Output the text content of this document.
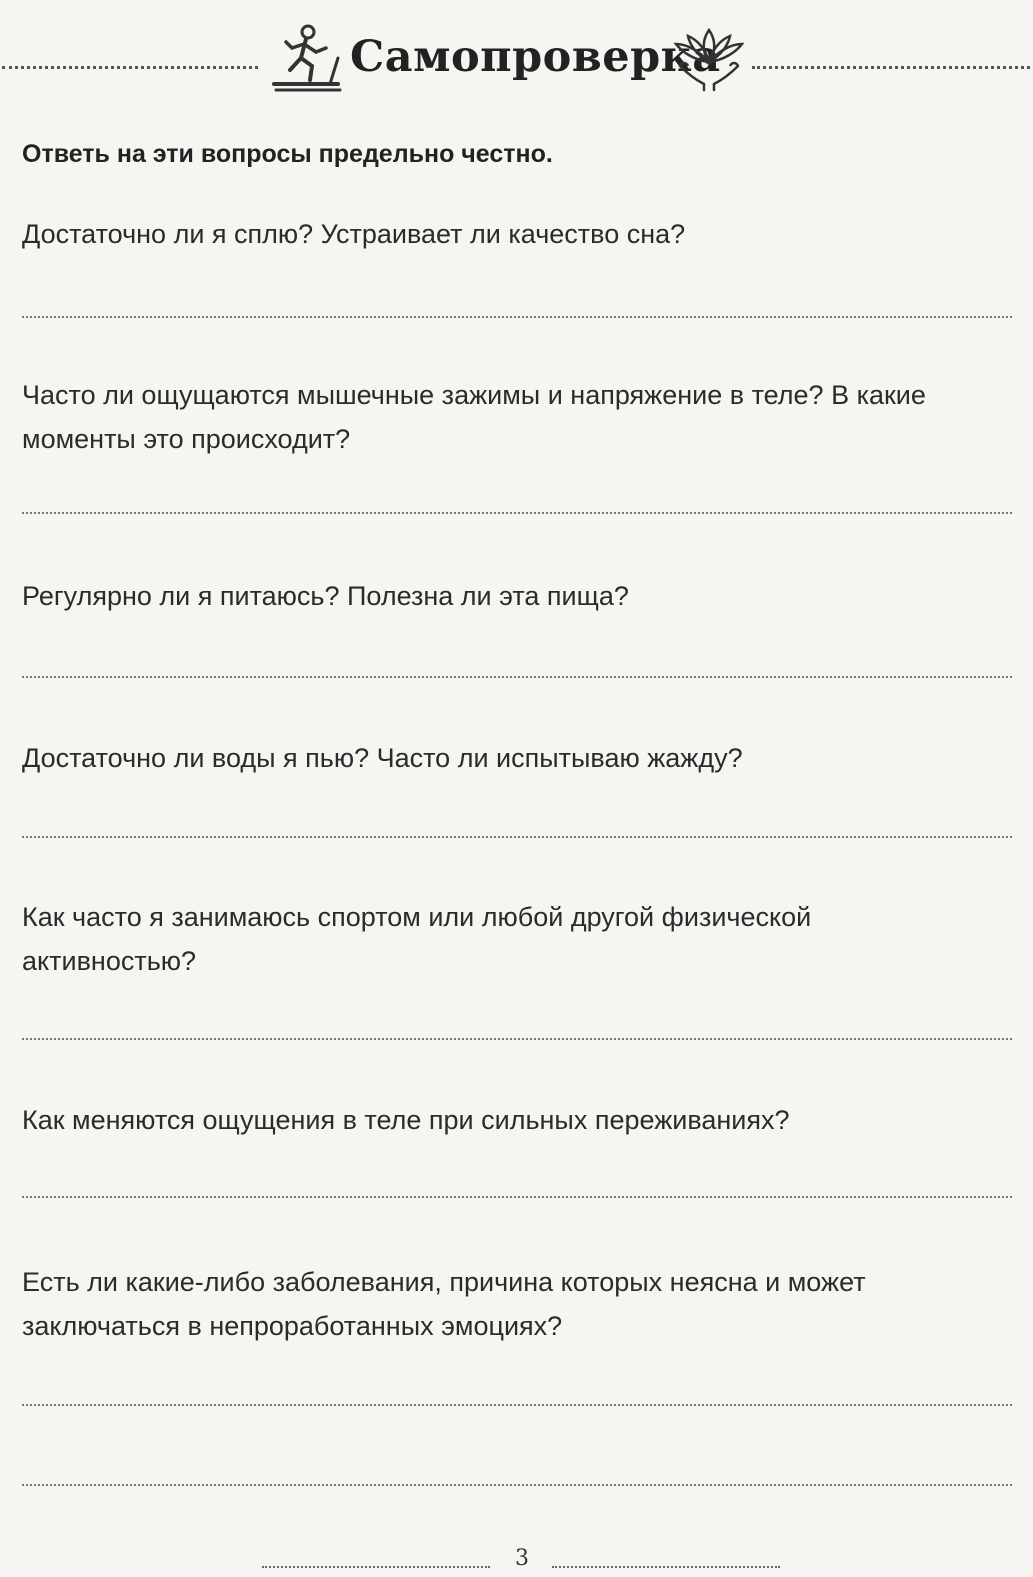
Самопроверка
Ответь на эти вопросы предельно честно.
Достаточно ли я сплю? Устраивает ли качество сна?
Часто ли ощущаются мышечные зажимы и напряжение в теле? В какие моменты это происходит?
Регулярно ли я питаюсь? Полезна ли эта пища?
Достаточно ли воды я пью? Часто ли испытываю жажду?
Как часто я занимаюсь спортом или любой другой физической активностью?
Как меняются ощущения в теле при сильных переживаниях?
Есть ли какие-либо заболевания, причина которых неясна и может заключаться в непроработанных эмоциях?
3
